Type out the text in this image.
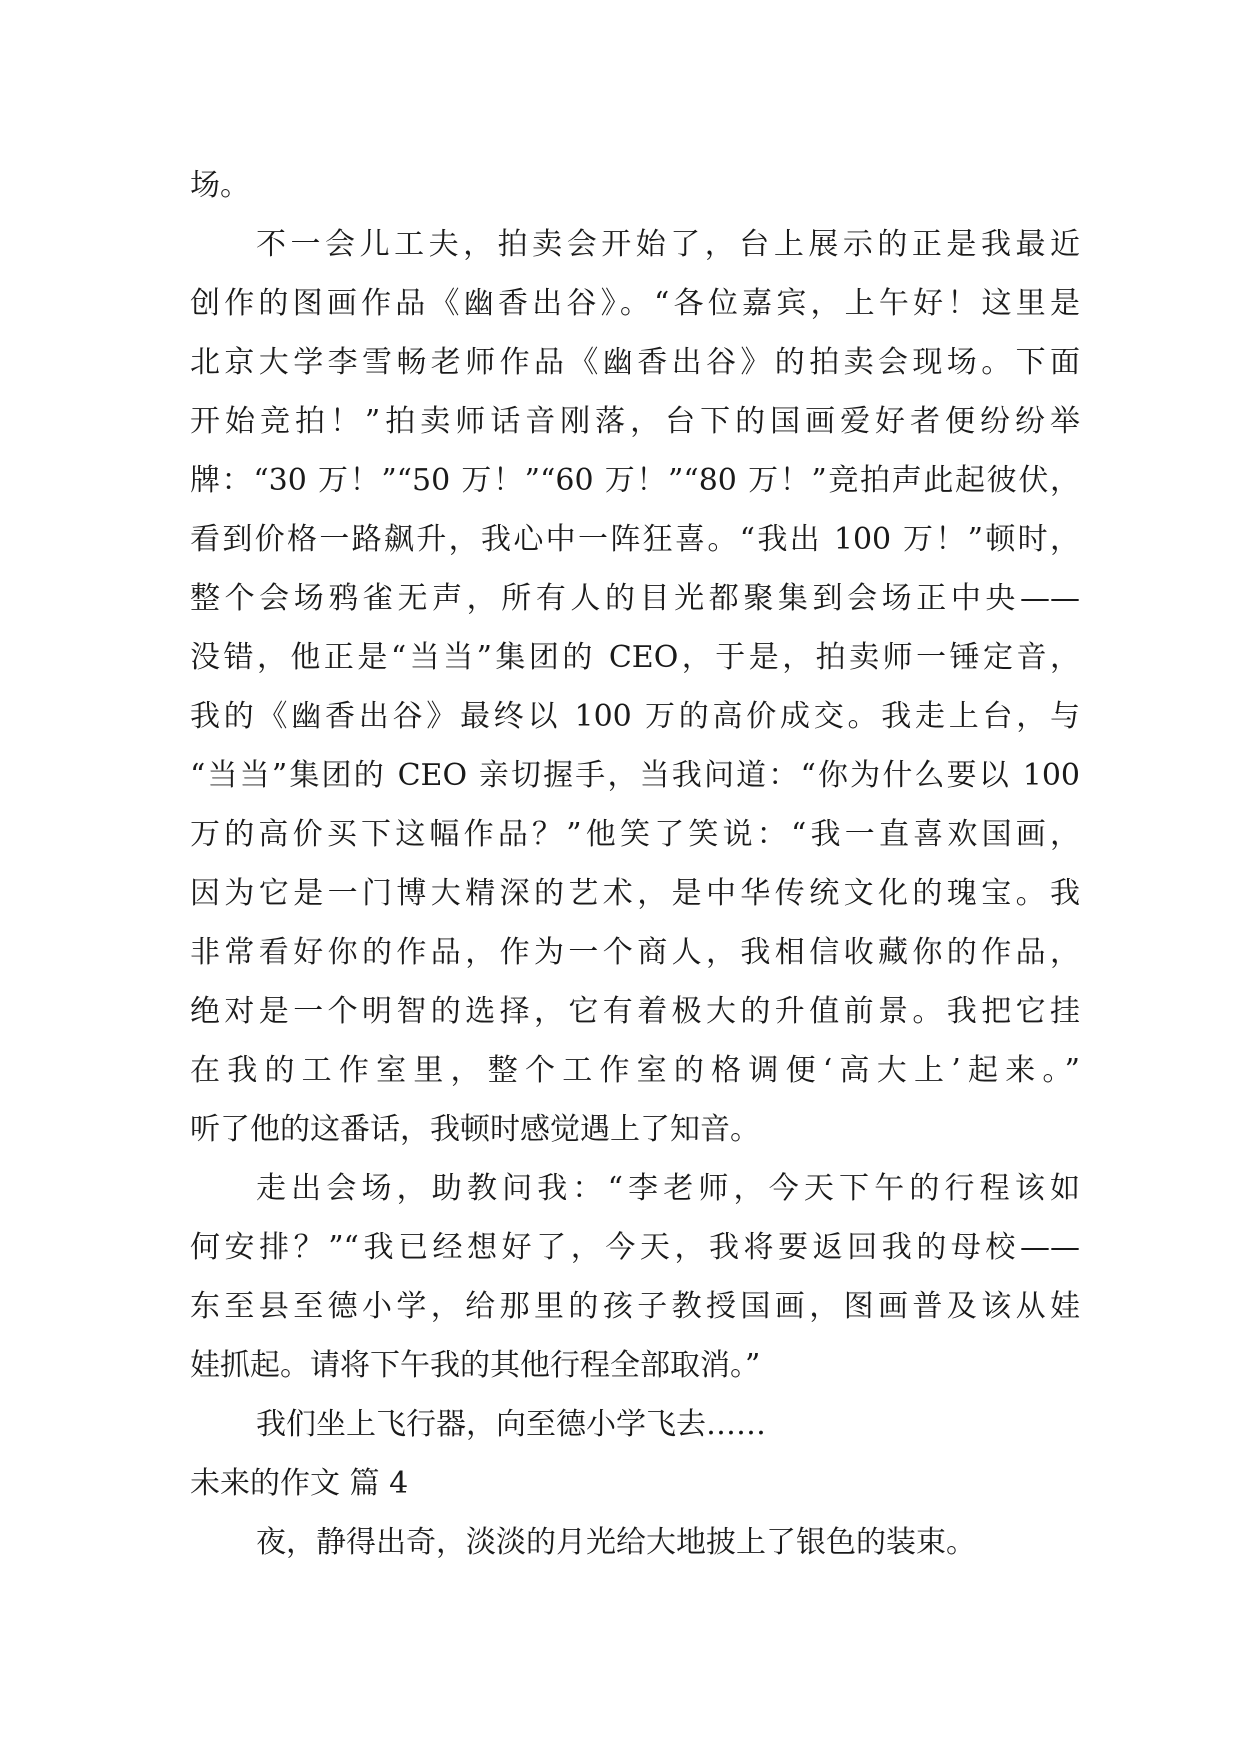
场。
不一会儿工夫，拍卖会开始了，台上展示的正是我最近
创作的图画作品《幽香出谷》。“各位嘉宾，上午好！这里是
北京大学李雪畅老师作品《幽香出谷》的拍卖会现场。下面
开始竞拍！”拍卖师话音刚落，台下的国画爱好者便纷纷举
牌：“30 万！”“50 万！”“60 万！”“80 万！”竞拍声此起彼伏，
看到价格一路飙升，我心中一阵狂喜。“我出 100 万！”顿时，
整个会场鸦雀无声，所有人的目光都聚集到会场正中央——
没错，他正是“当当”集团的 CEO，于是，拍卖师一锤定音，
我的《幽香出谷》最终以 100 万的高价成交。我走上台，与
“当当”集团的 CEO 亲切握手，当我问道：“你为什么要以 100
万的高价买下这幅作品？”他笑了笑说：“我一直喜欢国画，
因为它是一门博大精深的艺术，是中华传统文化的瑰宝。我
非常看好你的作品，作为一个商人，我相信收藏你的作品，
绝对是一个明智的选择，它有着极大的升值前景。我把它挂
在我的工作室里，整个工作室的格调便‘高大上’起来。”
听了他的这番话，我顿时感觉遇上了知音。
走出会场，助教问我：“李老师，今天下午的行程该如
何安排？”“我已经想好了，今天，我将要返回我的母校——
东至县至德小学，给那里的孩子教授国画，图画普及该从娃
娃抓起。请将下午我的其他行程全部取消。”
我们坐上飞行器，向至德小学飞去……
未来的作文 篇 4
夜，静得出奇，淡淡的月光给大地披上了银色的装束。
